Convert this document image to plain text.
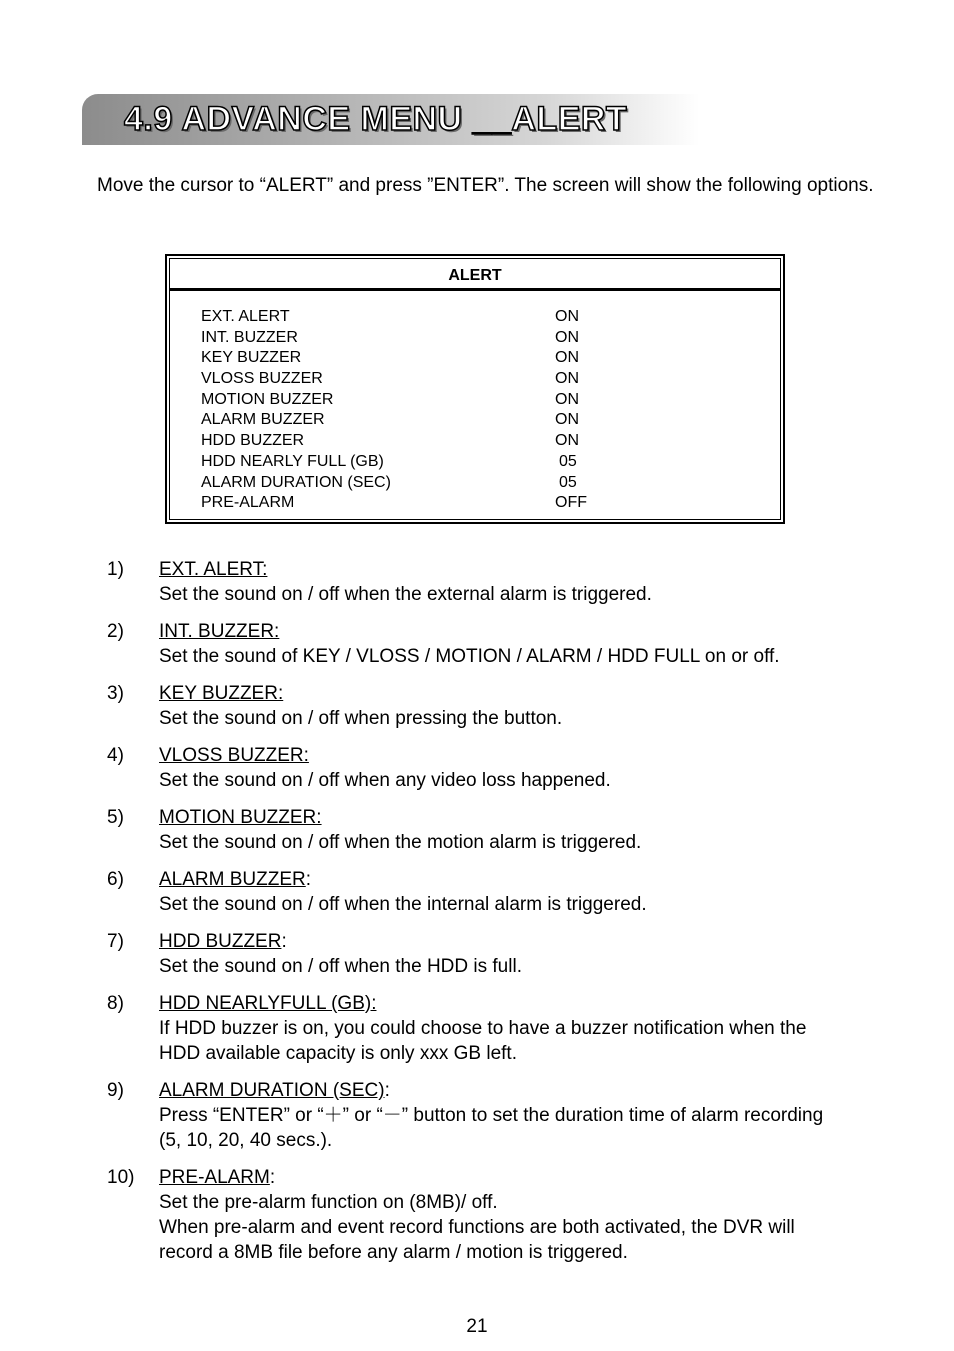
4.9 ADVANCE MENU __ALERT

Move the cursor to “ALERT” and press ”ENTER”. The screen will show the following options.

ALERT
EXT. ALERT	ON
INT. BUZZER	ON
KEY BUZZER	ON
VLOSS BUZZER	ON
MOTION BUZZER	ON
ALARM BUZZER	ON
HDD BUZZER	ON
HDD NEARLY FULL (GB)	05
ALARM DURATION (SEC)	05
PRE-ALARM	OFF
1) EXT. ALERT:
Set the sound on / off when the external alarm is triggered.
2) INT. BUZZER:
Set the sound of KEY / VLOSS / MOTION / ALARM / HDD FULL on or off.
3) KEY BUZZER:
Set the sound on / off when pressing the button.
4) VLOSS BUZZER:
Set the sound on / off when any video loss happened.
5) MOTION BUZZER:
Set the sound on / off when the motion alarm is triggered.
6) ALARM BUZZER:
Set the sound on / off when the internal alarm is triggered.
7) HDD BUZZER:
Set the sound on / off when the HDD is full.
8) HDD NEARLYFULL (GB):
If HDD buzzer is on, you could choose to have a buzzer notification when the
HDD available capacity is only xxx GB left.
9) ALARM DURATION (SEC):
Press “ENTER” or “＋” or “－” button to set the duration time of alarm recording
(5, 10, 20, 40 secs.).
10) PRE-ALARM:
Set the pre-alarm function on (8MB)/ off.
When pre-alarm and event record functions are both activated, the DVR will
record a 8MB file before any alarm / motion is triggered.
21
